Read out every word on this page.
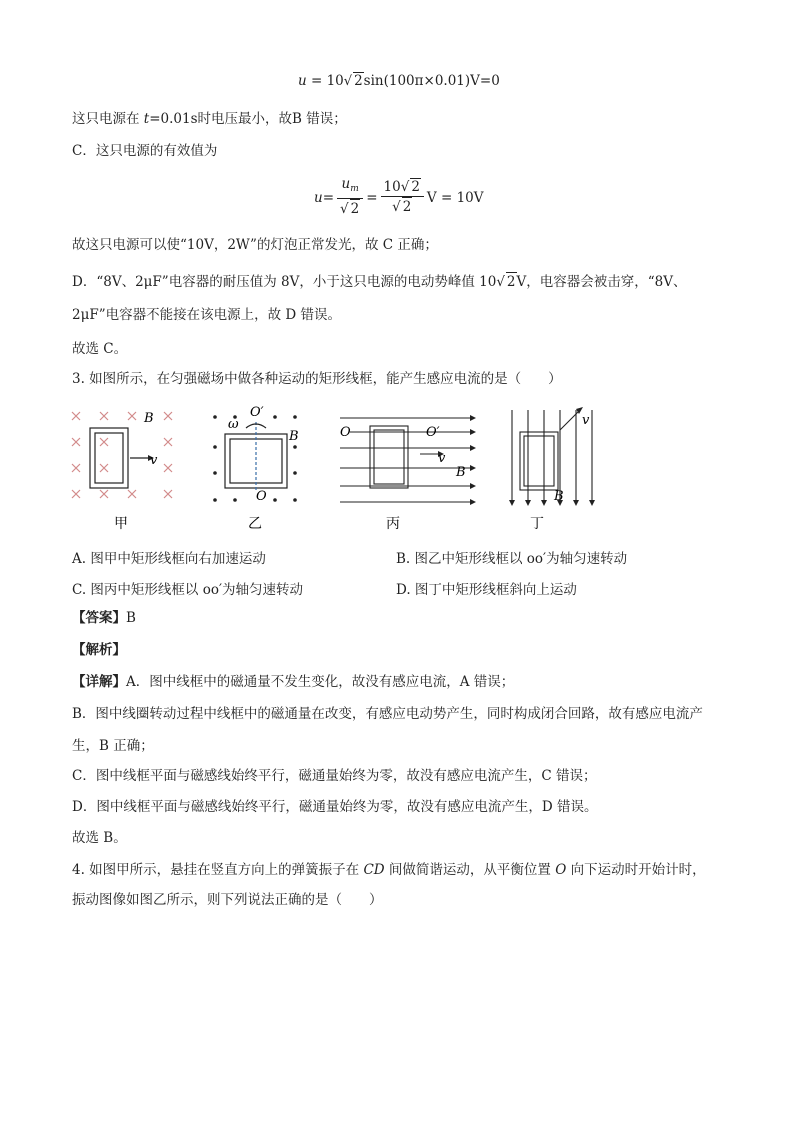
u = 10√ 2sin(100π×0.01)V=0
这只电源在 t=0.01s时电压最小，故B 错误；
C．这只电源的有效值为
$u = \frac{u_m}{√ 2} = \frac{10√ 2}{√ 2}$ V = 10V
故这只电源可以使“10V，2W”的灯泡正常发光，故 C 正确；
D．“8V、2μF”电容器的耐压值为 8V，小于这只电源的电动势峰值 10√ 2V，电容器会被击穿，“8V、
2μF”电容器不能接在该电源上，故 D 错误。
故选 C。
3. 如图所示，在匀强磁场中做各种运动的矩形线框，能产生感应电流的是（　　）
B
v
O′
ω
B
O
O	O′
v
B
v
B
甲	乙	丙	丁
A. 图甲中矩形线框向右加速运动	B. 图乙中矩形线框以 oo′为轴匀速转动
C. 图丙中矩形线框以 oo′为轴匀速转动	D. 图丁中矩形线框斜向上运动
【答案】B
【解析】
【详解】A．图中线框中的磁通量不发生变化，故没有感应电流，A 错误；
B．图中线圈转动过程中线框中的磁通量在改变，有感应电动势产生，同时构成闭合回路，故有感应电流产
生，B 正确；
C．图中线框平面与磁感线始终平行，磁通量始终为零，故没有感应电流产生，C 错误；
D．图中线框平面与磁感线始终平行，磁通量始终为零，故没有感应电流产生，D 错误。
故选 B。
4. 如图甲所示，悬挂在竖直方向上的弹簧振子在 CD 间做简谐运动，从平衡位置 O 向下运动时开始计时，
振动图像如图乙所示，则下列说法正确的是（　　）
